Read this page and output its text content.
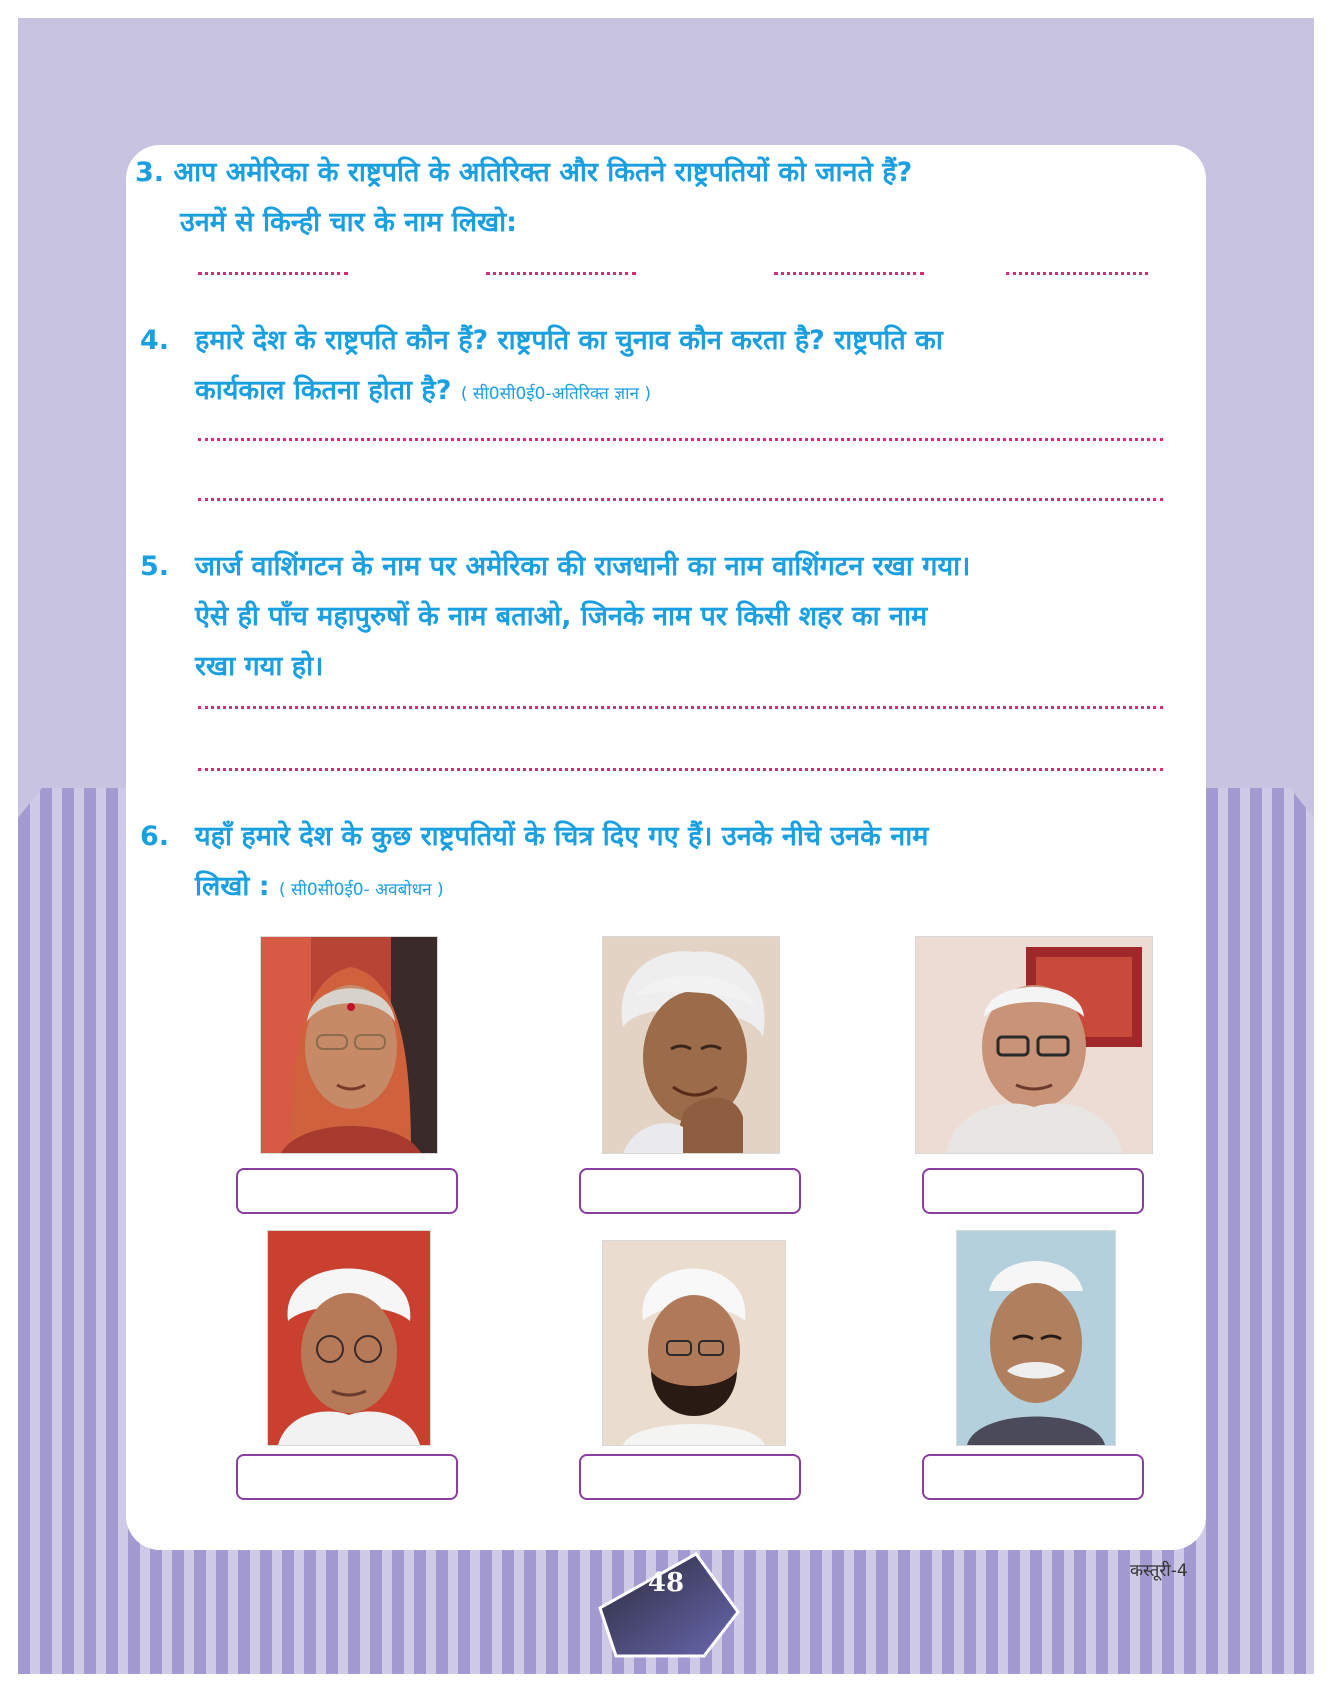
3. आप अमेरिका के राष्ट्रपति के अतिरिक्त और कितने राष्ट्रपतियों को जानते हैं?
उनमें से किन्ही चार के नाम लिखो:
4. हमारे देश के राष्ट्रपति कौन हैं? राष्ट्रपति का चुनाव कौन करता है? राष्ट्रपति का
कार्यकाल कितना होता है? ( सी0सी0ई0-अतिरिक्त ज्ञान )
5. जार्ज वाशिंगटन के नाम पर अमेरिका की राजधानी का नाम वाशिंगटन रखा गया।
ऐसे ही पाँच महापुरुषों के नाम बताओ, जिनके नाम पर किसी शहर का नाम
रखा गया हो।
6. यहाँ हमारे देश के कुछ राष्ट्रपतियों के चित्र दिए गए हैं। उनके नीचे उनके नाम
लिखो : ( सी0सी0ई0- अवबोधन )
48	कस्तूरी-4
